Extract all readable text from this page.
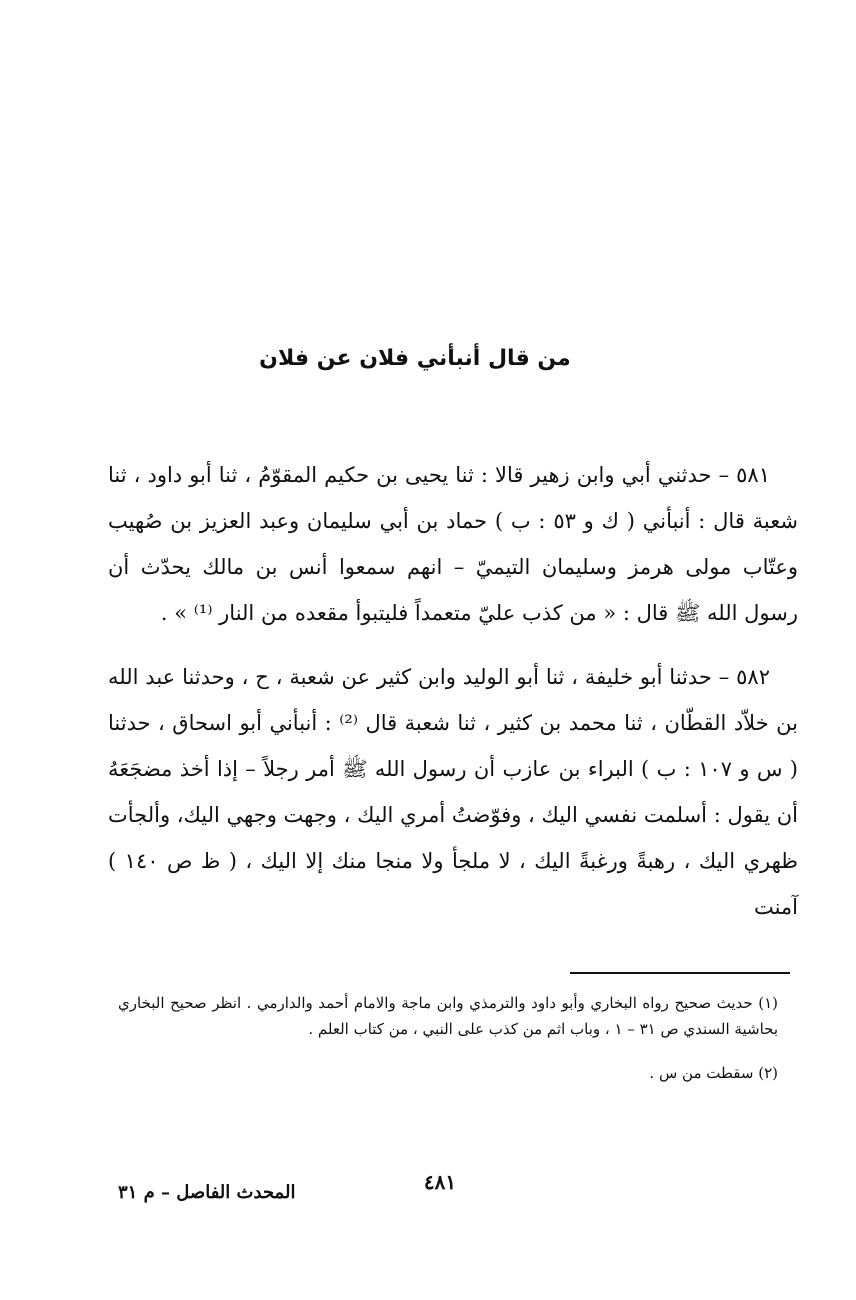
من قال أنبأني فلان عن فلان

٥٨١ – حدثني أبي وابن زهير قالا : ثنا يحيى بن حكيم المقوّمُ ، ثنا أبو داود ، ثنا شعبة قال : أنبأني ( ك و ٥٣ : ب ) حماد بن أبي سليمان وعبد العزيز بن صُهيب وعتّاب مولى هرمز وسليمان التيميّ – انهم سمعوا أنس بن مالك يحدّث أن رسول الله ﷺ قال : « من كذب عليّ متعمداً فليتبوأ مقعده من النار ⁽¹⁾ » .

٥٨٢ – حدثنا أبو خليفة ، ثنا أبو الوليد وابن كثير عن شعبة ، ح ، وحدثنا عبد الله بن خلاّد القطّان ، ثنا محمد بن كثير ، ثنا شعبة قال ⁽²⁾ : أنبأني أبو اسحاق ، حدثنا ( س و ١٠٧ : ب ) البراء بن عازب أن رسول الله ﷺ أمر رجلاً – إذا أخذ مضجَعَهُ أن يقول : أسلمت نفسي اليك ، وفوّضتُ أمري اليك ، وجهت وجهي اليك، وألجأت ظهري اليك ، رهبةً ورغبةً اليك ، لا ملجأ ولا منجا منك إلا اليك ، ( ظ ص ١٤٠ ) آمنت

(١) حديث صحيح رواه البخاري وأبو داود والترمذي وابن ماجة والامام أحمد والدارمي . انظر صحيح البخاري بحاشية السندي ص ٣١ – ١ ، وباب اثم من كذب على النبي ، من كتاب العلم .

(٢) سقطت من س .

٤٨١
المحدث الفاصل – م ٣١
